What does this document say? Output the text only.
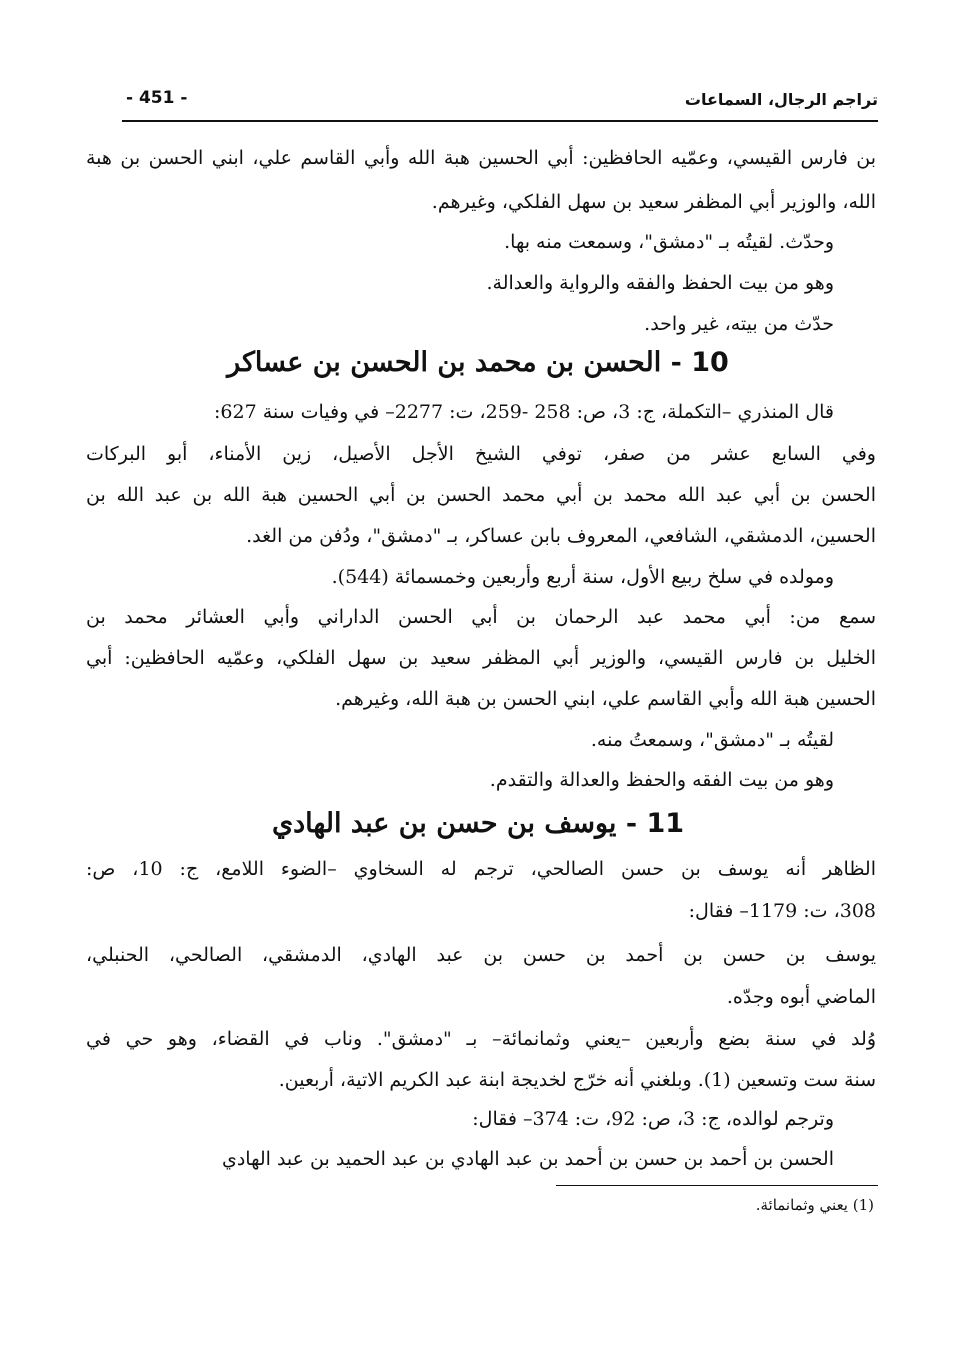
تراجم الرجال، السماعات
- 451 -
بن فارس القيسي، وعمّيه الحافظين: أبي الحسين هبة الله وأبي القاسم علي، ابني الحسن بن هبة
الله، والوزير أبي المظفر سعيد بن سهل الفلكي، وغيرهم.
وحدّث. لقيتُه بـ "دمشق"، وسمعت منه بها.
وهو من بيت الحفظ والفقه والرواية والعدالة.
حدّث من بيته، غير واحد.
10 - الحسن بن محمد بن الحسن بن عساكر
قال المنذري –التكملة، ج: 3، ص: 258 -259، ت: 2277– في وفيات سنة 627:
وفي السابع عشر من صفر، توفي الشيخ الأجل الأصيل، زين الأمناء، أبو البركات
الحسن بن أبي عبد الله محمد بن أبي محمد الحسن بن أبي الحسين هبة الله بن عبد الله بن
الحسين، الدمشقي، الشافعي، المعروف بابن عساكر، بـ "دمشق"، ودُفن من الغد.
ومولده في سلخ ربيع الأول، سنة أربع وأربعين وخمسمائة (544).
سمع من: أبي محمد عبد الرحمان بن أبي الحسن الداراني وأبي العشائر محمد بن
الخليل بن فارس القيسي، والوزير أبي المظفر سعيد بن سهل الفلكي، وعمّيه الحافظين: أبي
الحسين هبة الله وأبي القاسم علي، ابني الحسن بن هبة الله، وغيرهم.
لقيتُه بـ "دمشق"، وسمعتُ منه.
وهو من بيت الفقه والحفظ والعدالة والتقدم.
11 - يوسف بن حسن بن عبد الهادي
الظاهر أنه يوسف بن حسن الصالحي، ترجم له السخاوي –الضوء اللامع، ج: 10، ص:
308، ت: 1179– فقال:
يوسف بن حسن بن أحمد بن حسن بن عبد الهادي، الدمشقي، الصالحي، الحنبلي،
الماضي أبوه وجدّه.
وُلد في سنة بضع وأربعين –يعني وثمانمائة– بـ "دمشق". وناب في القضاء، وهو حي في
سنة ست وتسعين (1). وبلغني أنه خرّج لخديجة ابنة عبد الكريم الاتية، أربعين.
وترجم لوالده، ج: 3، ص: 92، ت: 374– فقال:
الحسن بن أحمد بن حسن بن أحمد بن عبد الهادي بن عبد الحميد بن عبد الهادي
(1) يعني وثمانمائة.
